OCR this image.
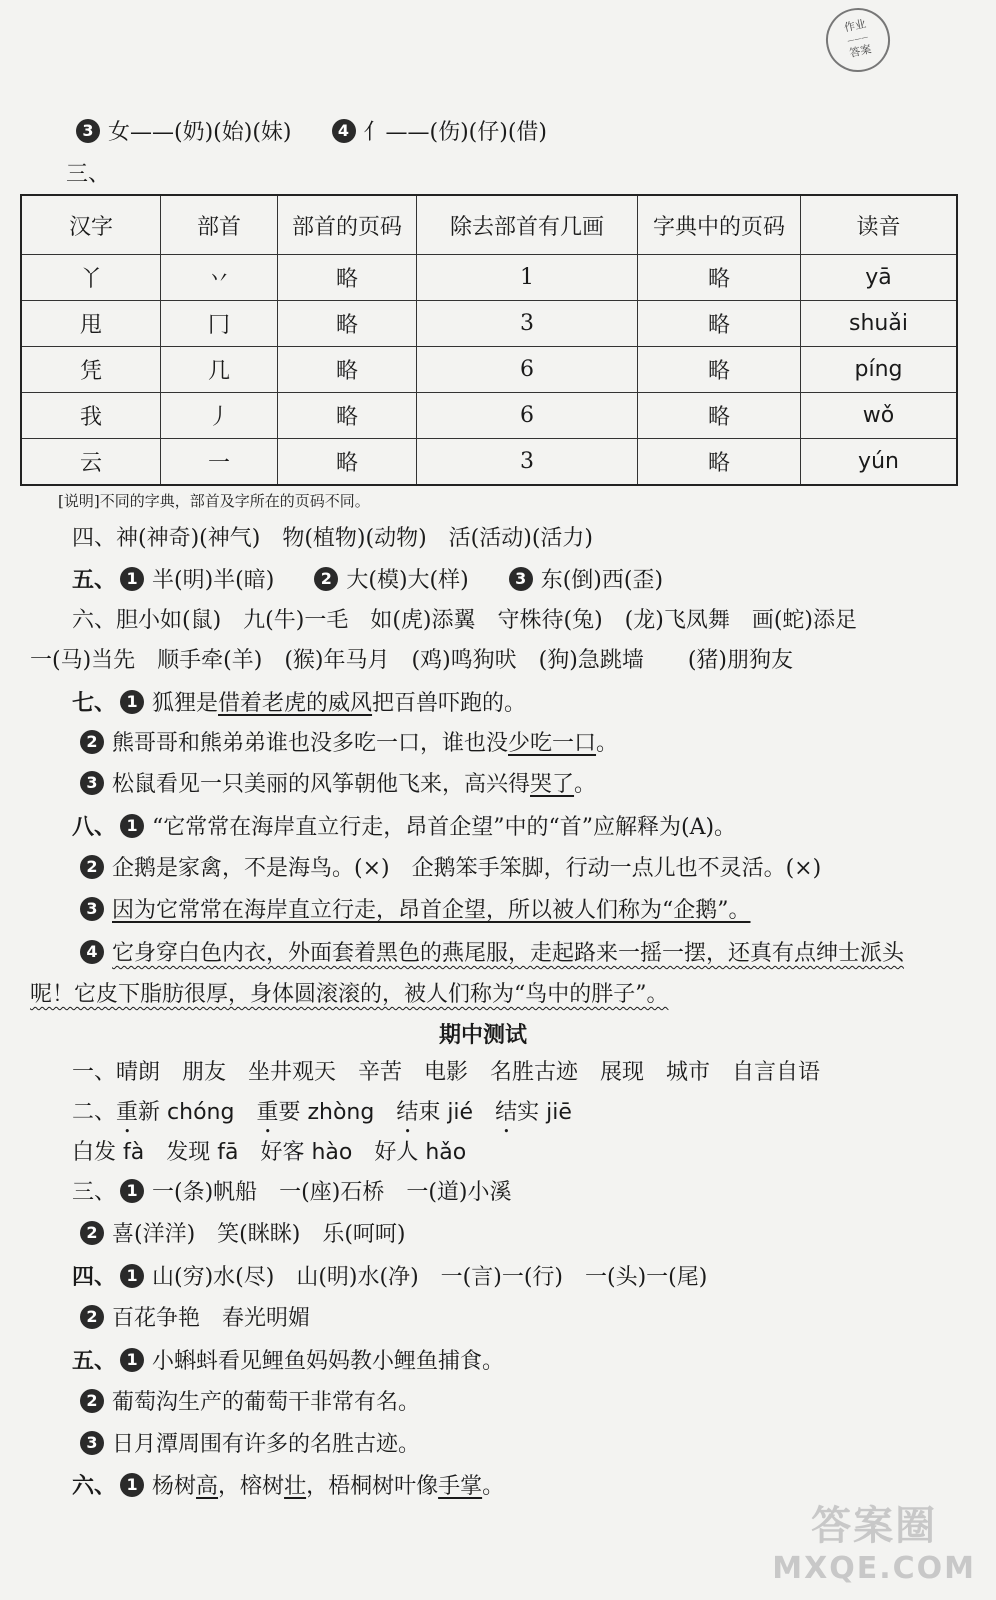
作业
———
答案
3 女——(奶)(始)(妹)	4 亻——(伤)(仔)(借)
三、
汉字	部首	部首的页码	除去部首有几画	字典中的页码	读音
丫	丷	略	1	略	yā
甩	冂	略	3	略	shuǎi
凭	几	略	6	略	píng
我	丿	略	6	略	wǒ
云	一	略	3	略	yún
[说明]不同的字典，部首及字所在的页码不同。
四、神(神奇)(神气)　物(植物)(动物)　活(活动)(活力)
五、 1 半(明)半(暗)	2 大(模)大(样)	3 东(倒)西(歪)
六、胆小如(鼠)　九(牛)一毛　如(虎)添翼　守株待(兔)　(龙)飞凤舞　画(蛇)添足
一(马)当先　顺手牵(羊)　(猴)年马月　(鸡)鸣狗吠　(狗)急跳墙　　(猪)朋狗友
七、 1 狐狸是借着老虎的威风把百兽吓跑的。
2 熊哥哥和熊弟弟谁也没多吃一口，谁也没少吃一口。
3 松鼠看见一只美丽的风筝朝他飞来，高兴得哭了。
八、 1 “它常常在海岸直立行走，昂首企望”中的“首”应解释为(A)。
2 企鹅是家禽，不是海鸟。(×)　企鹅笨手笨脚，行动一点儿也不灵活。(×)
3 因为它常常在海岸直立行走，昂首企望，所以被人们称为“企鹅”。
4 它身穿白色内衣，外面套着黑色的燕尾服，走起路来一摇一摆，还真有点绅士派头
呢！它皮下脂肪很厚，身体圆滚滚的，被人们称为“鸟中的胖子”。
期中测试
一、晴朗　朋友　坐井观天　辛苦　电影　名胜古迹　展现　城市　自言自语
二、重新 chóng 重要 zhòng 结束 jié 结实 jiē
白发 fà 发现 fā 好客 hào 好人 hǎo
三、 1 一(条)帆船　一(座)石桥　一(道)小溪
2 喜(洋洋)　笑(眯眯)　乐(呵呵)
四、 1 山(穷)水(尽)　山(明)水(净)　一(言)一(行)　一(头)一(尾)
2 百花争艳　春光明媚
五、 1 小蝌蚪看见鲤鱼妈妈教小鲤鱼捕食。
2 葡萄沟生产的葡萄干非常有名。
3 日月潭周围有许多的名胜古迹。
六、 1 杨树高，榕树壮，梧桐树叶像手掌。
答案圈
MXQE.COM
